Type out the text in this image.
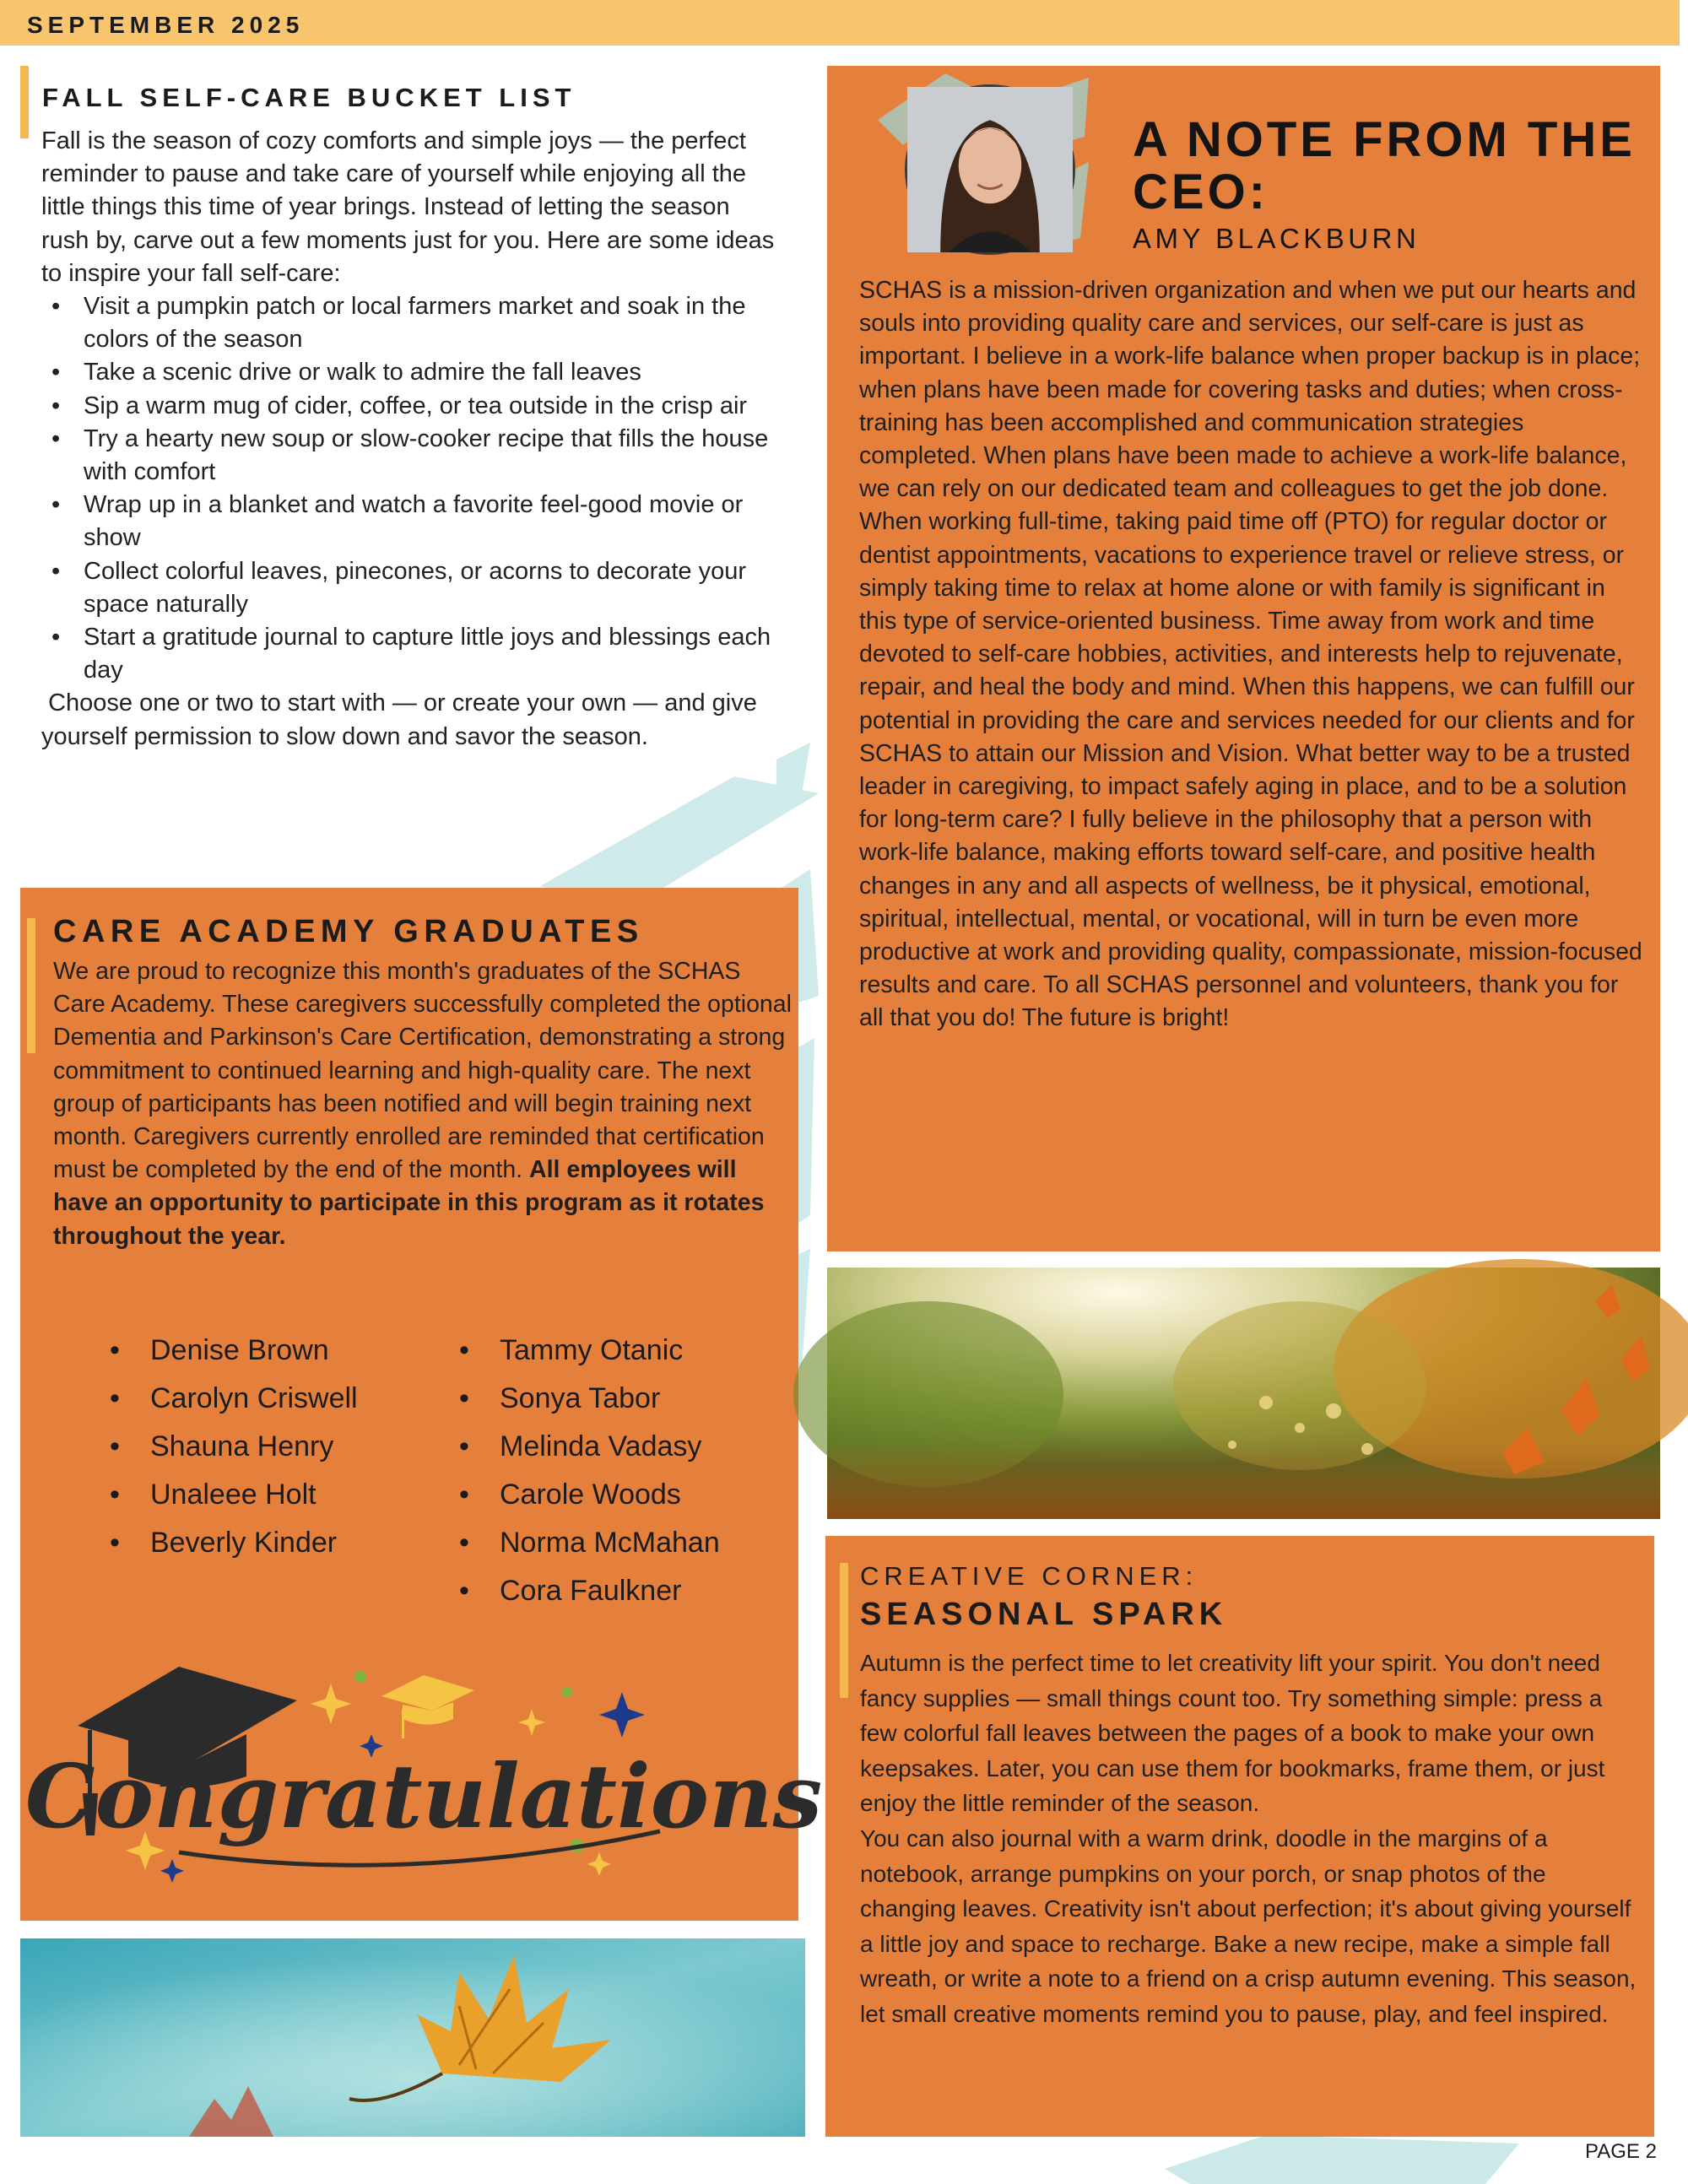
SEPTEMBER 2025
FALL SELF-CARE BUCKET LIST

Fall is the season of cozy comforts and simple joys — the perfect reminder to pause and take care of yourself while enjoying all the little things this time of year brings. Instead of letting the season rush by, carve out a few moments just for you. Here are some ideas to inspire your fall self-care:

• Visit a pumpkin patch or local farmers market and soak in the colors of the season
• Take a scenic drive or walk to admire the fall leaves
• Sip a warm mug of cider, coffee, or tea outside in the crisp air
• Try a hearty new soup or slow-cooker recipe that fills the house with comfort
• Wrap up in a blanket and watch a favorite feel-good movie or show
• Collect colorful leaves, pinecones, or acorns to decorate your space naturally
• Start a gratitude journal to capture little joys and blessings each day

Choose one or two to start with — or create your own — and give yourself permission to slow down and savor the season.

CARE ACADEMY GRADUATES

We are proud to recognize this month's graduates of the SCHAS Care Academy. These caregivers successfully completed the optional Dementia and Parkinson's Care Certification, demonstrating a strong commitment to continued learning and high-quality care. The next group of participants has been notified and will begin training next month. Caregivers currently enrolled are reminded that certification must be completed by the end of the month. All employees will have an opportunity to participate in this program as it rotates throughout the year.

• Denise Brown
• Carolyn Criswell
• Shauna Henry
• Unaleee Holt
• Beverly Kinder
• Tammy Otanic
• Sonya Tabor
• Melinda Vadasy
• Carole Woods
• Norma McMahan
• Cora Faulkner
Congratulations
A NOTE FROM THE CEO:
AMY BLACKBURN

SCHAS is a mission-driven organization and when we put our hearts and souls into providing quality care and services, our self-care is just as important. I believe in a work-life balance when proper backup is in place; when plans have been made for covering tasks and duties; when cross-training has been accomplished and communication strategies completed. When plans have been made to achieve a work-life balance, we can rely on our dedicated team and colleagues to get the job done. When working full-time, taking paid time off (PTO) for regular doctor or dentist appointments, vacations to experience travel or relieve stress, or simply taking time to relax at home alone or with family is significant in this type of service-oriented business. Time away from work and time devoted to self-care hobbies, activities, and interests help to rejuvenate, repair, and heal the body and mind. When this happens, we can fulfill our potential in providing the care and services needed for our clients and for SCHAS to attain our Mission and Vision. What better way to be a trusted leader in caregiving, to impact safely aging in place, and to be a solution for long-term care? I fully believe in the philosophy that a person with work-life balance, making efforts toward self-care, and positive health changes in any and all aspects of wellness, be it physical, emotional, spiritual, intellectual, mental, or vocational, will in turn be even more productive at work and providing quality, compassionate, mission-focused results and care. To all SCHAS personnel and volunteers, thank you for all that you do! The future is bright!

CREATIVE CORNER:
SEASONAL SPARK

Autumn is the perfect time to let creativity lift your spirit. You don't need fancy supplies — small things count too. Try something simple: press a few colorful fall leaves between the pages of a book to make your own keepsakes. Later, you can use them for bookmarks, frame them, or just enjoy the little reminder of the season.

You can also journal with a warm drink, doodle in the margins of a notebook, arrange pumpkins on your porch, or snap photos of the changing leaves. Creativity isn't about perfection; it's about giving yourself a little joy and space to recharge. Bake a new recipe, make a simple fall wreath, or write a note to a friend on a crisp autumn evening. This season, let small creative moments remind you to pause, play, and feel inspired.

PAGE 2
